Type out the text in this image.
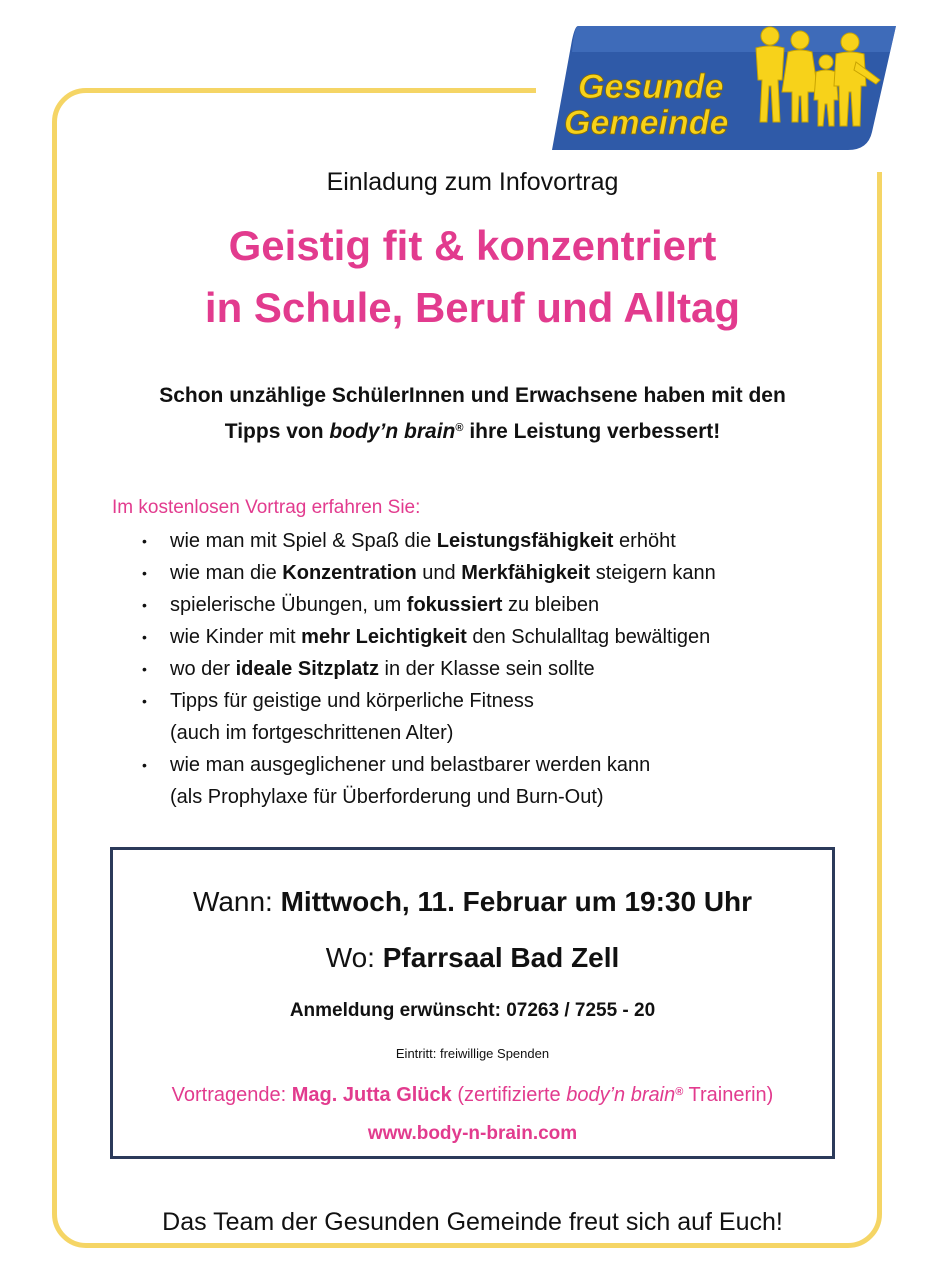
Gesunde
Gemeinde
Einladung zum Infovortrag
Geistig fit & konzentriert
in Schule, Beruf und Alltag
Schon unzählige SchülerInnen und Erwachsene haben mit den
Tipps von body’n brain® ihre Leistung verbessert!
Im kostenlosen Vortrag erfahren Sie:
• wie man mit Spiel & Spaß die Leistungsfähigkeit erhöht
• wie man die Konzentration und Merkfähigkeit steigern kann
• spielerische Übungen, um fokussiert zu bleiben
• wie Kinder mit mehr Leichtigkeit den Schulalltag bewältigen
• wo der ideale Sitzplatz in der Klasse sein sollte
• Tipps für geistige und körperliche Fitness
(auch im fortgeschrittenen Alter)
• wie man ausgeglichener und belastbarer werden kann
(als Prophylaxe für Überforderung und Burn-Out)
Wann: Mittwoch, 11. Februar um 19:30 Uhr
Wo: Pfarrsaal Bad Zell
Anmeldung erwünscht: 07263 / 7255 - 20
Eintritt: freiwillige Spenden
Vortragende: Mag. Jutta Glück (zertifizierte body’n brain® Trainerin)
www.body-n-brain.com
Das Team der Gesunden Gemeinde freut sich auf Euch!
